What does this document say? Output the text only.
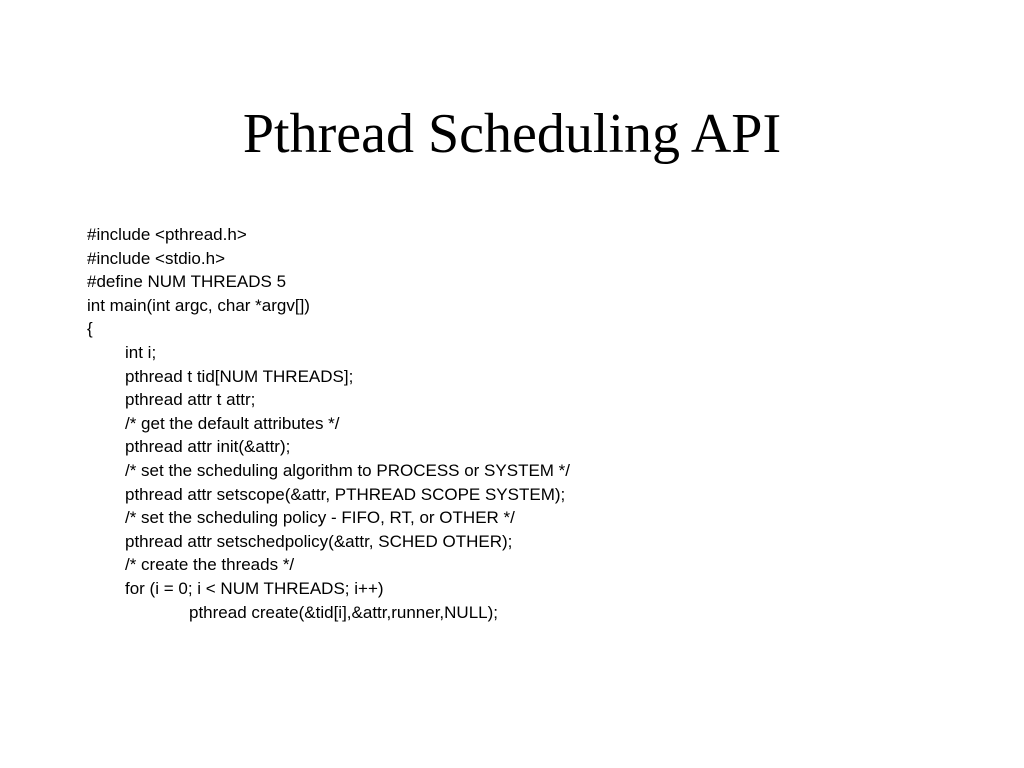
Pthread Scheduling API
#include <pthread.h>
#include <stdio.h>
#define NUM THREADS 5
int main(int argc, char *argv[])
{
int i;
pthread t tid[NUM THREADS];
pthread attr t attr;
/* get the default attributes */
pthread attr init(&attr);
/* set the scheduling algorithm to PROCESS or SYSTEM */
pthread attr setscope(&attr, PTHREAD SCOPE SYSTEM);
/* set the scheduling policy - FIFO, RT, or OTHER */
pthread attr setschedpolicy(&attr, SCHED OTHER);
/* create the threads */
for (i = 0; i < NUM THREADS; i++)
pthread create(&tid[i],&attr,runner,NULL);
